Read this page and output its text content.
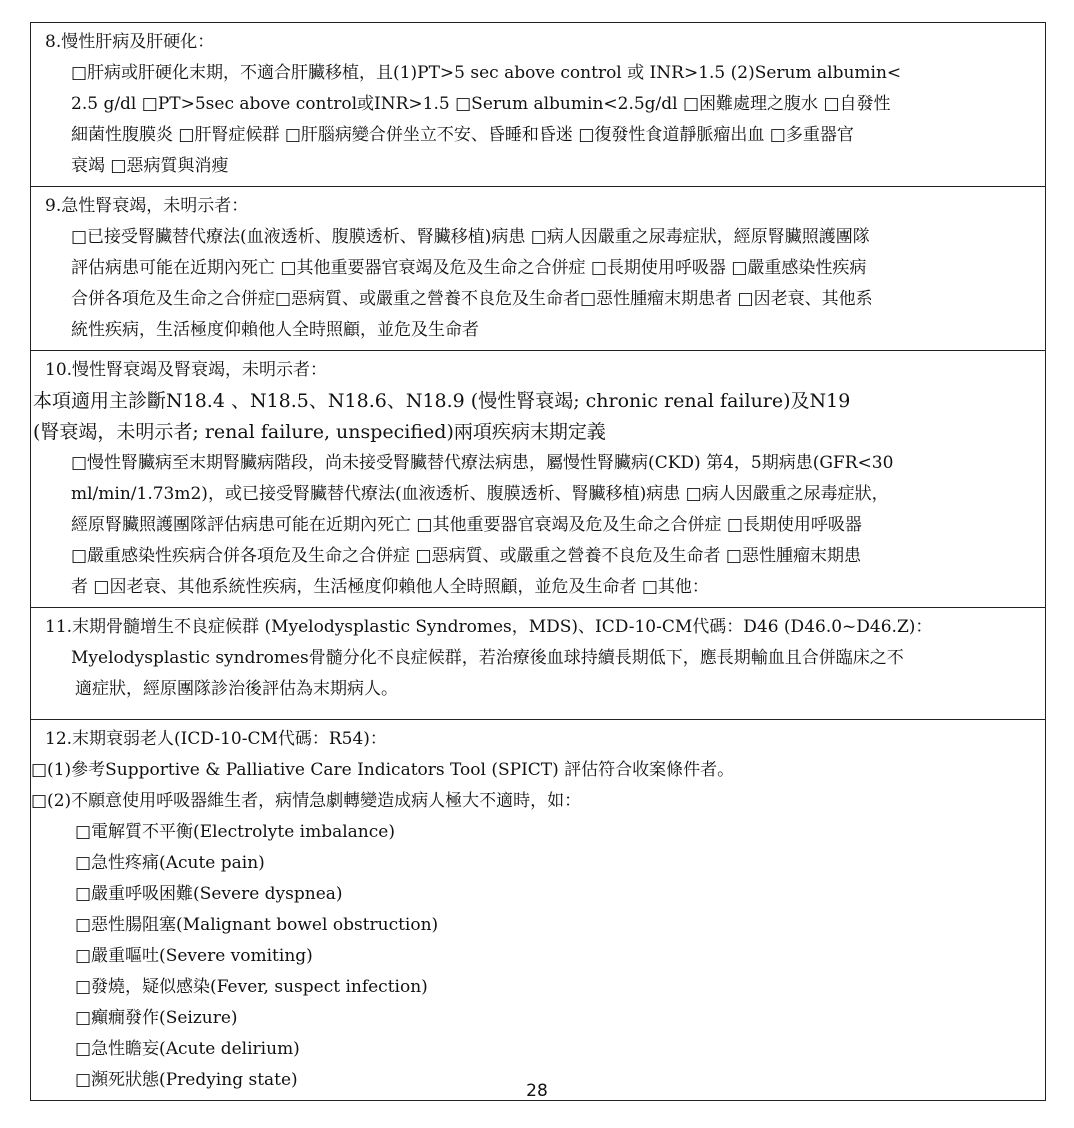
8.慢性肝病及肝硬化：
□肝病或肝硬化末期，不適合肝臟移植，且(1)PT>5 sec above control 或 INR>1.5 (2)Serum albumin<
2.5 g/dl □PT>5sec above control或INR>1.5 □Serum albumin<2.5g/dl □困難處理之腹水 □自發性
細菌性腹膜炎 □肝腎症候群 □肝腦病變合併坐立不安、昏睡和昏迷 □復發性食道靜脈瘤出血 □多重器官
衰竭 □惡病質與消瘦

9.急性腎衰竭，未明示者：
□已接受腎臟替代療法(血液透析、腹膜透析、腎臟移植)病患 □病人因嚴重之尿毒症狀，經原腎臟照護團隊
評估病患可能在近期內死亡 □其他重要器官衰竭及危及生命之合併症 □長期使用呼吸器 □嚴重感染性疾病
合併各項危及生命之合併症□惡病質、或嚴重之營養不良危及生命者□惡性腫瘤末期患者 □因老衰、其他系
統性疾病，生活極度仰賴他人全時照顧，並危及生命者

10.慢性腎衰竭及腎衰竭，未明示者：
本項適用主診斷N18.4 、N18.5、N18.6、N18.9 (慢性腎衰竭; chronic renal failure)及N19
(腎衰竭，未明示者; renal failure, unspecified)兩項疾病末期定義
□慢性腎臟病至末期腎臟病階段，尚未接受腎臟替代療法病患，屬慢性腎臟病(CKD) 第4，5期病患(GFR<30
ml/min/1.73m2)，或已接受腎臟替代療法(血液透析、腹膜透析、腎臟移植)病患 □病人因嚴重之尿毒症狀，
經原腎臟照護團隊評估病患可能在近期內死亡 □其他重要器官衰竭及危及生命之合併症 □長期使用呼吸器
□嚴重感染性疾病合併各項危及生命之合併症 □惡病質、或嚴重之營養不良危及生命者 □惡性腫瘤末期患
者 □因老衰、其他系統性疾病，生活極度仰賴他人全時照顧，並危及生命者 □其他：

11.末期骨髓增生不良症候群 (Myelodysplastic Syndromes，MDS)、ICD-10-CM代碼：D46 (D46.0~D46.Z)：
Myelodysplastic syndromes骨髓分化不良症候群，若治療後血球持續長期低下，應長期輸血且合併臨床之不
適症狀，經原團隊診治後評估為末期病人。

12.末期衰弱老人(ICD-10-CM代碼：R54)：
□(1)參考Supportive & Palliative Care Indicators Tool (SPICT) 評估符合收案條件者。
□(2)不願意使用呼吸器維生者，病情急劇轉變造成病人極大不適時，如：
□電解質不平衡(Electrolyte imbalance)
□急性疼痛(Acute pain)
□嚴重呼吸困難(Severe dyspnea)
□惡性腸阻塞(Malignant bowel obstruction)
□嚴重嘔吐(Severe vomiting)
□發燒，疑似感染(Fever, suspect infection)
□癲癇發作(Seizure)
□急性瞻妄(Acute delirium)
□瀕死狀態(Predying state)
28
